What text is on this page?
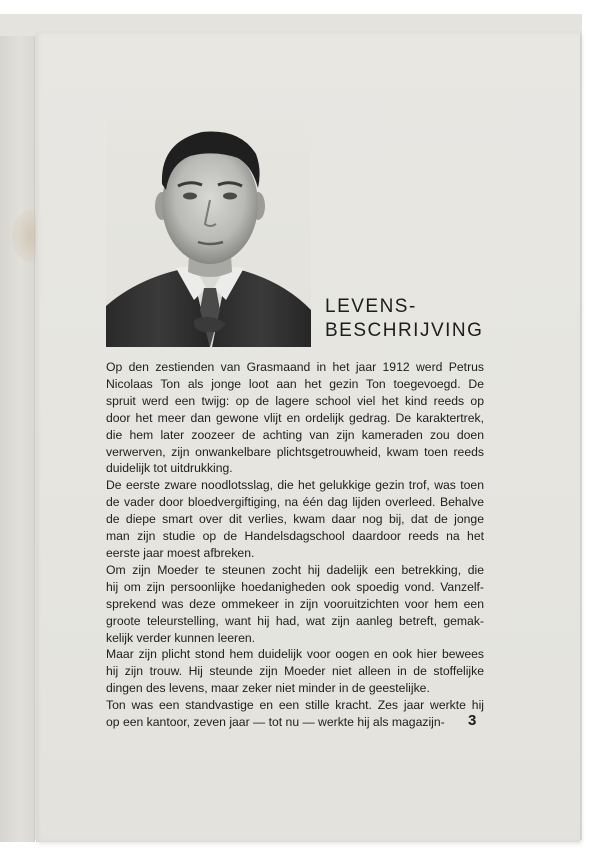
LEVENS-
BESCHRIJVING
Op den zestienden van Grasmaand in het jaar 1912 werd Petrus
Nicolaas Ton als jonge loot aan het gezin Ton toegevoegd. De
spruit werd een twijg: op de lagere school viel het kind reeds op
door het meer dan gewone vlijt en ordelijk gedrag. De karaktertrek,
die hem later zoozeer de achting van zijn kameraden zou doen
verwerven, zijn onwankelbare plichtsgetrouwheid, kwam toen reeds
duidelijk tot uitdrukking.
De eerste zware noodlotsslag, die het gelukkige gezin trof, was toen
de vader door bloedvergiftiging, na één dag lijden overleed. Behalve
de diepe smart over dit verlies, kwam daar nog bij, dat de jonge
man zijn studie op de Handelsdagschool daardoor reeds na het
eerste jaar moest afbreken.
Om zijn Moeder te steunen zocht hij dadelijk een betrekking, die
hij om zijn persoonlijke hoedanigheden ook spoedig vond. Vanzelf-
sprekend was deze ommekeer in zijn vooruitzichten voor hem een
groote teleurstelling, want hij had, wat zijn aanleg betreft, gemak-
kelijk verder kunnen leeren.
Maar zijn plicht stond hem duidelijk voor oogen en ook hier bewees
hij zijn trouw. Hij steunde zijn Moeder niet alleen in de stoffelijke
dingen des levens, maar zeker niet minder in de geestelijke.
Ton was een standvastige en een stille kracht. Zes jaar werkte hij
op een kantoor, zeven jaar — tot nu — werkte hij als magazijn-	3
